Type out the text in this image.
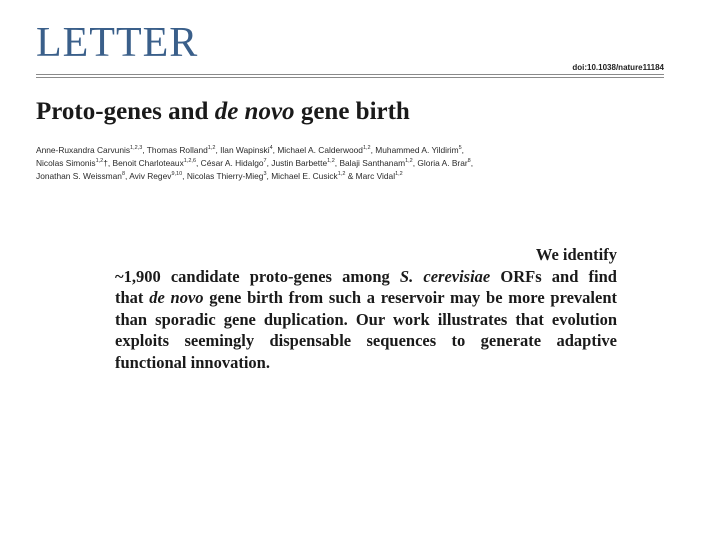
LETTER
doi:10.1038/nature11184
Proto-genes and de novo gene birth
Anne-Ruxandra Carvunis$^{1,2,3}$, Thomas Rolland$^{1,2}$, Ilan Wapinski$^4$, Michael A. Calderwood$^{1,2}$, Muhammed A. Yildirim$^5$,
Nicolas Simonis$^{1,2}$†, Benoit Charloteaux$^{1,2,6}$, César A. Hidalgo$^7$, Justin Barbette$^{1,2}$, Balaji Santhanam$^{1,2}$, Gloria A. Brar$^8$,
Jonathan S. Weissman$^8$, Aviv Regev$^{9,10}$, Nicolas Thierry-Mieg$^3$, Michael E. Cusick$^{1,2}$ & Marc Vidal$^{1,2}$
We identify
~1,900 candidate proto-genes among S. cerevisiae ORFs and find
that de novo gene birth from such a reservoir may be more prevalent
than sporadic gene duplication. Our work illustrates that evolution
exploits seemingly dispensable sequences to generate adaptive
functional innovation.
